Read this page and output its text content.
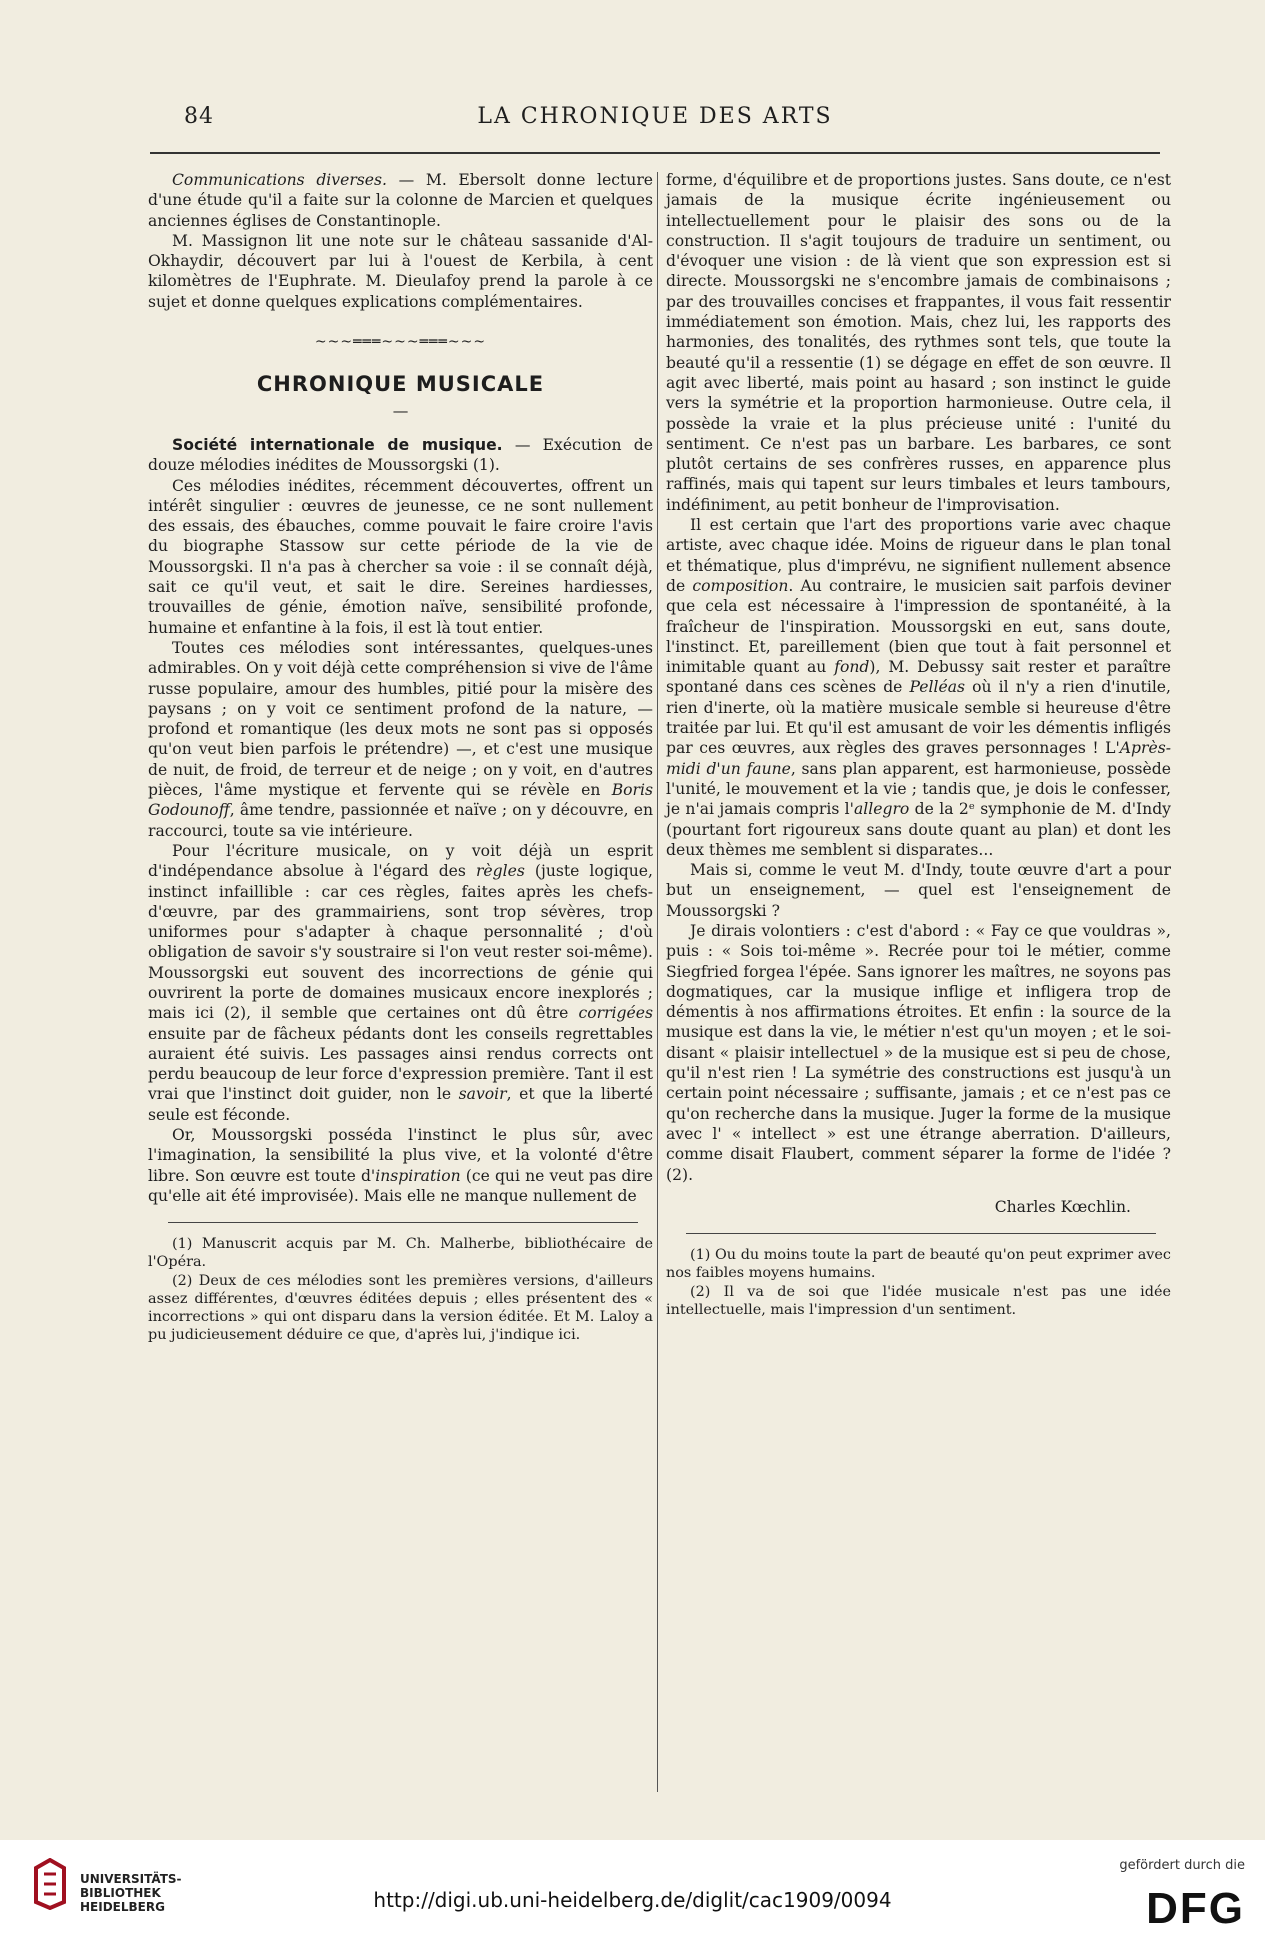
84	LA CHRONIQUE DES ARTS

Communications diverses. — M. Ebersolt donne lecture d'une étude qu'il a faite sur la colonne de Marcien et quelques anciennes églises de Constantinople.

M. Massignon lit une note sur le château sassanide d'Al-Okhaydir, découvert par lui à l'ouest de Kerbila, à cent kilomètres de l'Euphrate. M. Dieulafoy prend la parole à ce sujet et donne quelques explications complémentaires.

~~~═══~~~═══~~~
CHRONIQUE MUSICALE
—

Société internationale de musique. — Exécution de douze mélodies inédites de Moussorgski (1).

Ces mélodies inédites, récemment découvertes, offrent un intérêt singulier : œuvres de jeunesse, ce ne sont nullement des essais, des ébauches, comme pouvait le faire croire l'avis du biographe Stassow sur cette période de la vie de Moussorgski. Il n'a pas à chercher sa voie : il se connaît déjà, sait ce qu'il veut, et sait le dire. Sereines hardiesses, trouvailles de génie, émotion naïve, sensibilité profonde, humaine et enfantine à la fois, il est là tout entier.

Toutes ces mélodies sont intéressantes, quelques-unes admirables. On y voit déjà cette compréhension si vive de l'âme russe populaire, amour des humbles, pitié pour la misère des paysans ; on y voit ce sentiment profond de la nature, — profond et romantique (les deux mots ne sont pas si opposés qu'on veut bien parfois le prétendre) —, et c'est une musique de nuit, de froid, de terreur et de neige ; on y voit, en d'autres pièces, l'âme mystique et fervente qui se révèle en Boris Godounoff, âme tendre, passionnée et naïve ; on y découvre, en raccourci, toute sa vie intérieure.

Pour l'écriture musicale, on y voit déjà un esprit d'indépendance absolue à l'égard des règles (juste logique, instinct infaillible : car ces règles, faites après les chefs-d'œuvre, par des grammairiens, sont trop sévères, trop uniformes pour s'adapter à chaque personnalité ; d'où obligation de savoir s'y soustraire si l'on veut rester soi-même). Moussorgski eut souvent des incorrections de génie qui ouvrirent la porte de domaines musicaux encore inexplorés ; mais ici (2), il semble que certaines ont dû être corrigées ensuite par de fâcheux pédants dont les conseils regrettables auraient été suivis. Les passages ainsi rendus corrects ont perdu beaucoup de leur force d'expression première. Tant il est vrai que l'instinct doit guider, non le savoir, et que la liberté seule est féconde.

Or, Moussorgski posséda l'instinct le plus sûr, avec l'imagination, la sensibilité la plus vive, et la volonté d'être libre. Son œuvre est toute d'inspiration (ce qui ne veut pas dire qu'elle ait été improvisée). Mais elle ne manque nullement de

(1) Manuscrit acquis par M. Ch. Malherbe, bibliothécaire de l'Opéra.

(2) Deux de ces mélodies sont les premières versions, d'ailleurs assez différentes, d'œuvres éditées depuis ; elles présentent des « incorrections » qui ont disparu dans la version éditée. Et M. Laloy a pu judicieusement déduire ce que, d'après lui, j'indique ici.

forme, d'équilibre et de proportions justes. Sans doute, ce n'est jamais de la musique écrite ingénieusement ou intellectuellement pour le plaisir des sons ou de la construction. Il s'agit toujours de traduire un sentiment, ou d'évoquer une vision : de là vient que son expression est si directe. Moussorgski ne s'encombre jamais de combinaisons ; par des trouvailles concises et frappantes, il vous fait ressentir immédiatement son émotion. Mais, chez lui, les rapports des harmonies, des tonalités, des rythmes sont tels, que toute la beauté qu'il a ressentie (1) se dégage en effet de son œuvre. Il agit avec liberté, mais point au hasard ; son instinct le guide vers la symétrie et la proportion harmonieuse. Outre cela, il possède la vraie et la plus précieuse unité : l'unité du sentiment. Ce n'est pas un barbare. Les barbares, ce sont plutôt certains de ses confrères russes, en apparence plus raffinés, mais qui tapent sur leurs timbales et leurs tambours, indéfiniment, au petit bonheur de l'improvisation.

Il est certain que l'art des proportions varie avec chaque artiste, avec chaque idée. Moins de rigueur dans le plan tonal et thématique, plus d'imprévu, ne signifient nullement absence de composition. Au contraire, le musicien sait parfois deviner que cela est nécessaire à l'impression de spontanéité, à la fraîcheur de l'inspiration. Moussorgski en eut, sans doute, l'instinct. Et, pareillement (bien que tout à fait personnel et inimitable quant au fond), M. Debussy sait rester et paraître spontané dans ces scènes de Pelléas où il n'y a rien d'inutile, rien d'inerte, où la matière musicale semble si heureuse d'être traitée par lui. Et qu'il est amusant de voir les démentis infligés par ces œuvres, aux règles des graves personnages ! L'Après-midi d'un faune, sans plan apparent, est harmonieuse, possède l'unité, le mouvement et la vie ; tandis que, je dois le confesser, je n'ai jamais compris l'allegro de la 2ᵉ symphonie de M. d'Indy (pourtant fort rigoureux sans doute quant au plan) et dont les deux thèmes me semblent si disparates...

Mais si, comme le veut M. d'Indy, toute œuvre d'art a pour but un enseignement, — quel est l'enseignement de Moussorgski ?

Je dirais volontiers : c'est d'abord : « Fay ce que vouldras », puis : « Sois toi-même ». Recrée pour toi le métier, comme Siegfried forgea l'épée. Sans ignorer les maîtres, ne soyons pas dogmatiques, car la musique inflige et infligera trop de démentis à nos affirmations étroites. Et enfin : la source de la musique est dans la vie, le métier n'est qu'un moyen ; et le soi-disant « plaisir intellectuel » de la musique est si peu de chose, qu'il n'est rien ! La symétrie des constructions est jusqu'à un certain point nécessaire ; suffisante, jamais ; et ce n'est pas ce qu'on recherche dans la musique. Juger la forme de la musique avec l' « intellect » est une étrange aberration. D'ailleurs, comme disait Flaubert, comment séparer la forme de l'idée ? (2).

Charles Kœchlin.

(1) Ou du moins toute la part de beauté qu'on peut exprimer avec nos faibles moyens humains.

(2) Il va de soi que l'idée musicale n'est pas une idée intellectuelle, mais l'impression d'un sentiment.

UNIVERSITÄTS-
BIBLIOTHEK
HEIDELBERG	http://digi.ub.uni-heidelberg.de/diglit/cac1909/0094
gefördert durch die
DFG
